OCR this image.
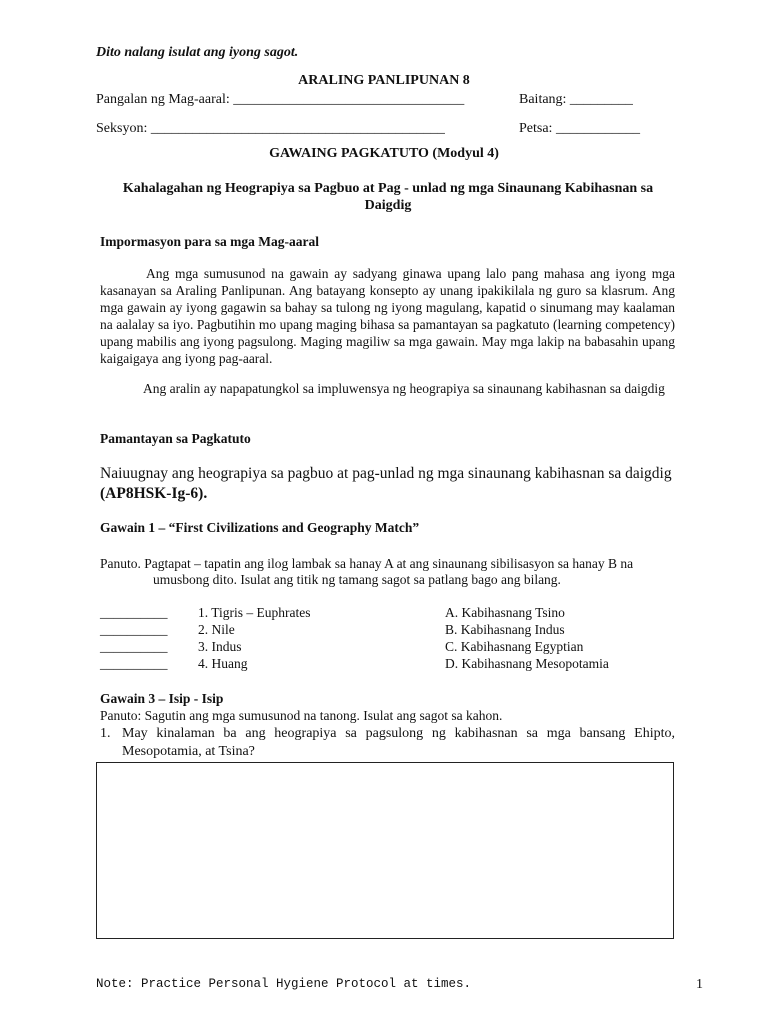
Dito nalang isulat ang iyong sagot.
ARALING PANLIPUNAN 8
Pangalan ng Mag-aaral: _________________________________	Baitang: _________
Seksyon: __________________________________________	Petsa: ____________
GAWAING PAGKATUTO (Modyul 4)
Kahalagahan ng Heograpiya sa Pagbuo at Pag - unlad ng mga Sinaunang Kabihasnan sa Daigdig
Impormasyon para sa mga Mag-aaral
Ang mga sumusunod na gawain ay sadyang ginawa upang lalo pang mahasa ang iyong mga kasanayan sa Araling Panlipunan. Ang batayang konsepto ay unang ipakikilala ng guro sa klasrum. Ang mga gawain ay iyong gagawin sa bahay sa tulong ng iyong magulang, kapatid o sinumang may kaalaman na aalalay sa iyo. Pagbutihin mo upang maging bihasa sa pamantayan sa pagkatuto (learning competency) upang mabilis ang iyong pagsulong. Maging magiliw sa mga gawain. May mga lakip na babasahin upang kaigaigaya ang iyong pag-aaral.
Ang aralin ay napapatungkol sa impluwensya ng heograpiya sa sinaunang kabihasnan sa daigdig
Pamantayan sa Pagkatuto
Naiuugnay ang heograpiya sa pagbuo at pag-unlad ng mga sinaunang kabihasnan sa daigdig (AP8HSK-Ig-6).
Gawain 1 – “First Civilizations and Geography Match”
Panuto. Pagtapat – tapatin ang ilog lambak sa hanay A at ang sinaunang sibilisasyon sa hanay B na
umusbong dito. Isulat ang titik ng tamang sagot sa patlang bago ang bilang.
__________ 1. Tigris – Euphrates	A. Kabihasnang Tsino
__________ 2. Nile	B. Kabihasnang Indus
__________ 3. Indus	C. Kabihasnang Egyptian
__________ 4. Huang	D. Kabihasnang Mesopotamia
Gawain 3 – Isip - Isip
Panuto: Sagutin ang mga sumusunod na tanong. Isulat ang sagot sa kahon.
1. May kinalaman ba ang heograpiya sa pagsulong ng kabihasnan sa mga bansang Ehipto, Mesopotamia, at Tsina?
Note: Practice Personal Hygiene Protocol at times.	1
